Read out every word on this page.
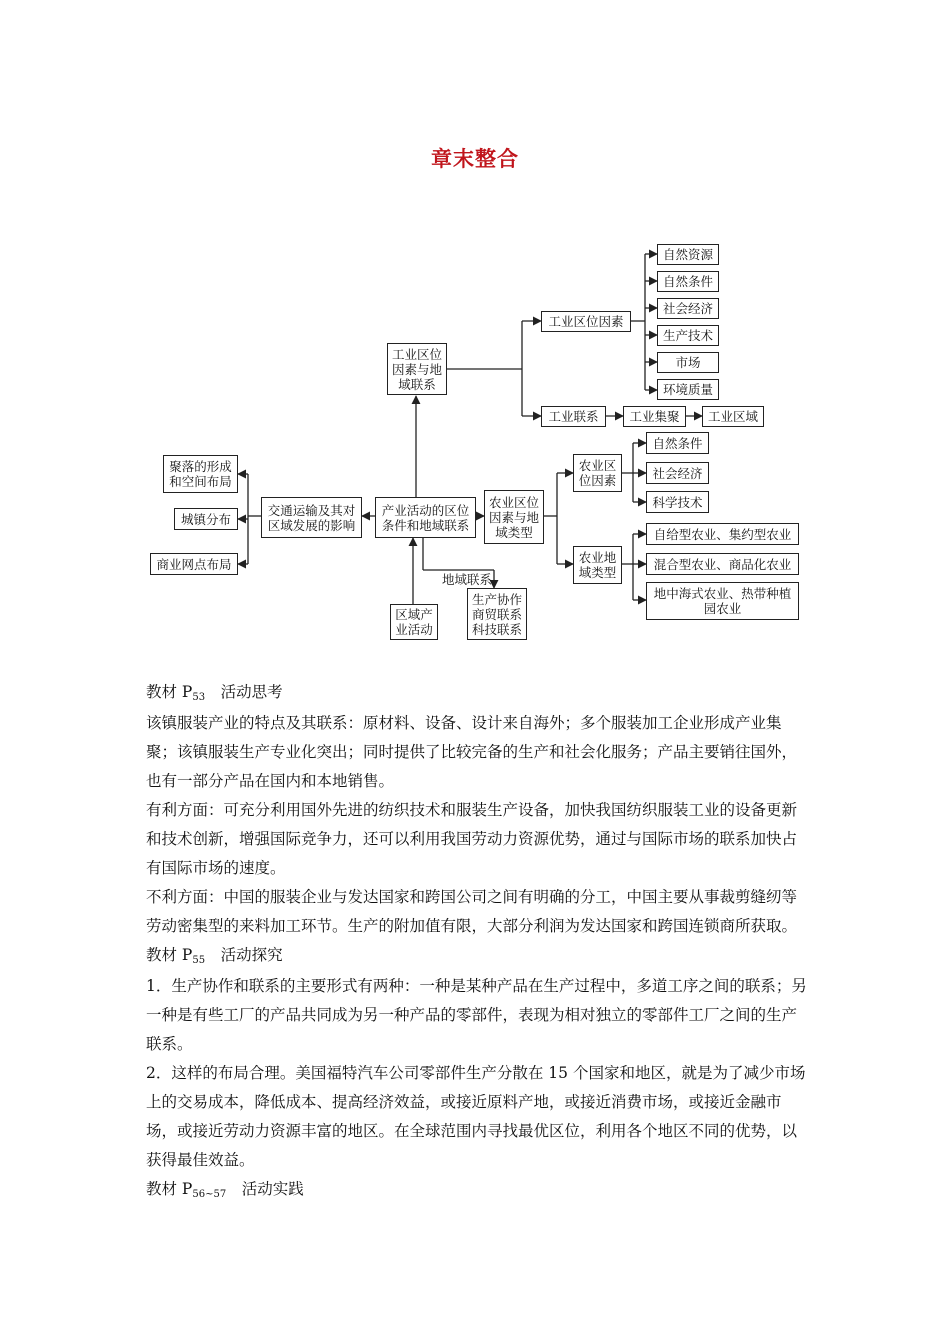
章末整合
工业区位
因素与地
域联系
工业区位因素
自然资源
自然条件
社会经济
生产技术
市场
环境质量
工业联系	工业集聚	工业区域
产业活动的区位
条件和地域联系
交通运输及其对
区域发展的影响
聚落的形成
和空间布局
城镇分布
商业网点布局
农业区位
因素与地
域类型
农业区
位因素
自然条件
社会经济
科学技术
农业地
域类型
自给型农业、集约型农业
混合型农业、商品化农业
地中海式农业、热带种植
园农业
区域产
业活动
地域联系
生产协作
商贸联系
科技联系

教材 P53　活动思考

该镇服装产业的特点及其联系：原材料、设备、设计来自海外；多个服装加工企业形成产业集聚；该镇服装生产专业化突出；同时提供了比较完备的生产和社会化服务；产品主要销往国外，也有一部分产品在国内和本地销售。

有利方面：可充分利用国外先进的纺织技术和服装生产设备，加快我国纺织服装工业的设备更新和技术创新，增强国际竞争力，还可以利用我国劳动力资源优势，通过与国际市场的联系加快占有国际市场的速度。

不利方面：中国的服装企业与发达国家和跨国公司之间有明确的分工，中国主要从事裁剪缝纫等劳动密集型的来料加工环节。生产的附加值有限，大部分利润为发达国家和跨国连锁商所获取。

教材 P55　活动探究

1．生产协作和联系的主要形式有两种：一种是某种产品在生产过程中，多道工序之间的联系；另一种是有些工厂的产品共同成为另一种产品的零部件，表现为相对独立的零部件工厂之间的生产联系。

2．这样的布局合理。美国福特汽车公司零部件生产分散在 15 个国家和地区，就是为了减少市场上的交易成本，降低成本、提高经济效益，或接近原料产地，或接近消费市场，或接近金融市场，或接近劳动力资源丰富的地区。在全球范围内寻找最优区位，利用各个地区不同的优势，以获得最佳效益。

教材 P56~57　活动实践
